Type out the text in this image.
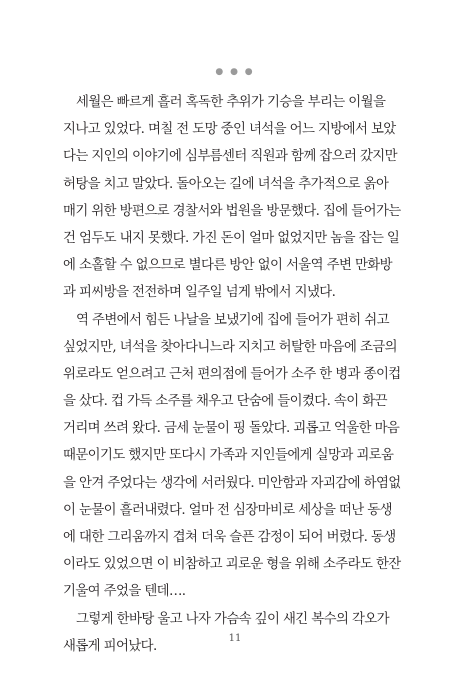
● ● ●
세월은 빠르게 흘러 혹독한 추위가 기승을 부리는 이월을
지나고 있었다. 며칠 전 도망 중인 녀석을 어느 지방에서 보았
다는 지인의 이야기에 심부름센터 직원과 함께 잡으러 갔지만
허탕을 치고 말았다. 돌아오는 길에 녀석을 추가적으로 옭아
매기 위한 방편으로 경찰서와 법원을 방문했다. 집에 들어가는
건 엄두도 내지 못했다. 가진 돈이 얼마 없었지만 놈을 잡는 일
에 소홀할 수 없으므로 별다른 방안 없이 서울역 주변 만화방
과 피씨방을 전전하며 일주일 넘게 밖에서 지냈다.
역 주변에서 힘든 나날을 보냈기에 집에 들어가 편히 쉬고
싶었지만, 녀석을 찾아다니느라 지치고 허탈한 마음에 조금의
위로라도 얻으려고 근처 편의점에 들어가 소주 한 병과 종이컵
을 샀다. 컵 가득 소주를 채우고 단숨에 들이켰다. 속이 화끈
거리며 쓰려 왔다. 금세 눈물이 핑 돌았다. 괴롭고 억울한 마음
때문이기도 했지만 또다시 가족과 지인들에게 실망과 괴로움
을 안겨 주었다는 생각에 서러웠다. 미안함과 자괴감에 하염없
이 눈물이 흘러내렸다. 얼마 전 심장마비로 세상을 떠난 동생
에 대한 그리움까지 겹쳐 더욱 슬픈 감정이 되어 버렸다. 동생
이라도 있었으면 이 비참하고 괴로운 형을 위해 소주라도 한잔
기울여 주었을 텐데….
그렇게 한바탕 울고 나자 가슴속 깊이 새긴 복수의 각오가
새롭게 피어났다.
11
